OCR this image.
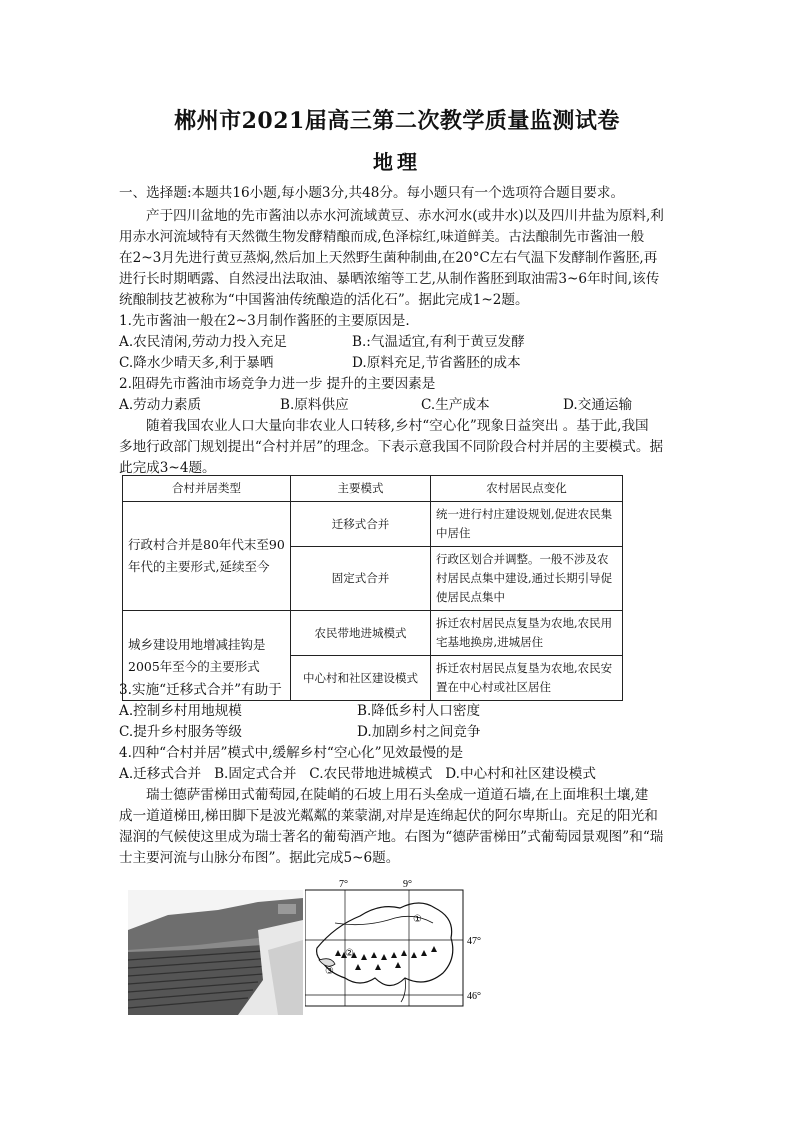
郴州市2021届高三第二次教学质量监测试卷
地理
一、选择题:本题共16小题,每小题3分,共48分。每小题只有一个选项符合题目要求。
产于四川盆地的先市酱油以赤水河流域黄豆、赤水河水(或井水)以及四川井盐为原料,利
用赤水河流域特有天然微生物发酵精酿而成,色泽棕红,味道鲜美。古法酿制先市酱油一般
在2~3月先进行黄豆蒸焖,然后加上天然野生菌种制曲,在20°C左右气温下发酵制作酱胚,再
进行长时期晒露、自然浸出法取油、暴晒浓缩等工艺,从制作酱胚到取油需3~6年时间,该传
统酿制技艺被称为“中国酱油传统酿造的活化石”。据此完成1~2题。
1.先市酱油一般在2~3月制作酱胚的主要原因是.
A.农民清闲,劳动力投入充足	B.:气温适宜,有利于黄豆发酵
C.降水少晴天多,利于暴晒	D.原料充足,节省酱胚的成本
2.阻碍先市酱油市场竞争力进一步 提升的主要因素是
A.劳动力素质	B.原料供应	C.生产成本	D.交通运输
随着我国农业人口大量向非农业人口转移,乡村“空心化”现象日益突出 。基于此,我国
多地行政部门规划提出“合村并居”的理念。下表示意我国不同阶段合村并居的主要模式。据
此完成3~4题。
合村并居类型	主要模式	农村居民点变化
行政村合并是80年代末至90年代的主要形式,延续至今	迁移式合并	统一进行村庄建设规划,促进农民集中居住
	固定式合并	行政区划合并调整。一般不涉及农村居民点集中建设,通过长期引导促使居民点集中
城乡建设用地增减挂钩是2005年至今的主要形式	农民带地进城模式	拆迁农村居民点复垦为农地,农民用宅基地换房,进城居住
	中心村和社区建设模式	拆迁农村居民点复垦为农地,农民安置在中心村或社区居住
3.实施“迁移式合并”有助于
A.控制乡村用地规模	B.降低乡村人口密度
C.提升乡村服务等级	D.加剧乡村之间竞争
4.四种“合村并居”模式中,缓解乡村“空心化”见效最慢的是
A.迁移式合并   B.固定式合并   C.农民带地进城模式   D.中心村和社区建设模式
瑞士德萨雷梯田式葡萄园,在陡峭的石坡上用石头垒成一道道石墙,在上面堆积土壤,建
成一道道梯田,梯田脚下是波光粼粼的莱蒙湖,对岸是连绵起伏的阿尔卑斯山。充足的阳光和
湿润的气候使这里成为瑞士著名的葡萄酒产地。右图为“德萨雷梯田”式葡萄园景观图”和“瑞
士主要河流与山脉分布图”。据此完成5~6题。
7°	9°
47°
46°
①
②
③
